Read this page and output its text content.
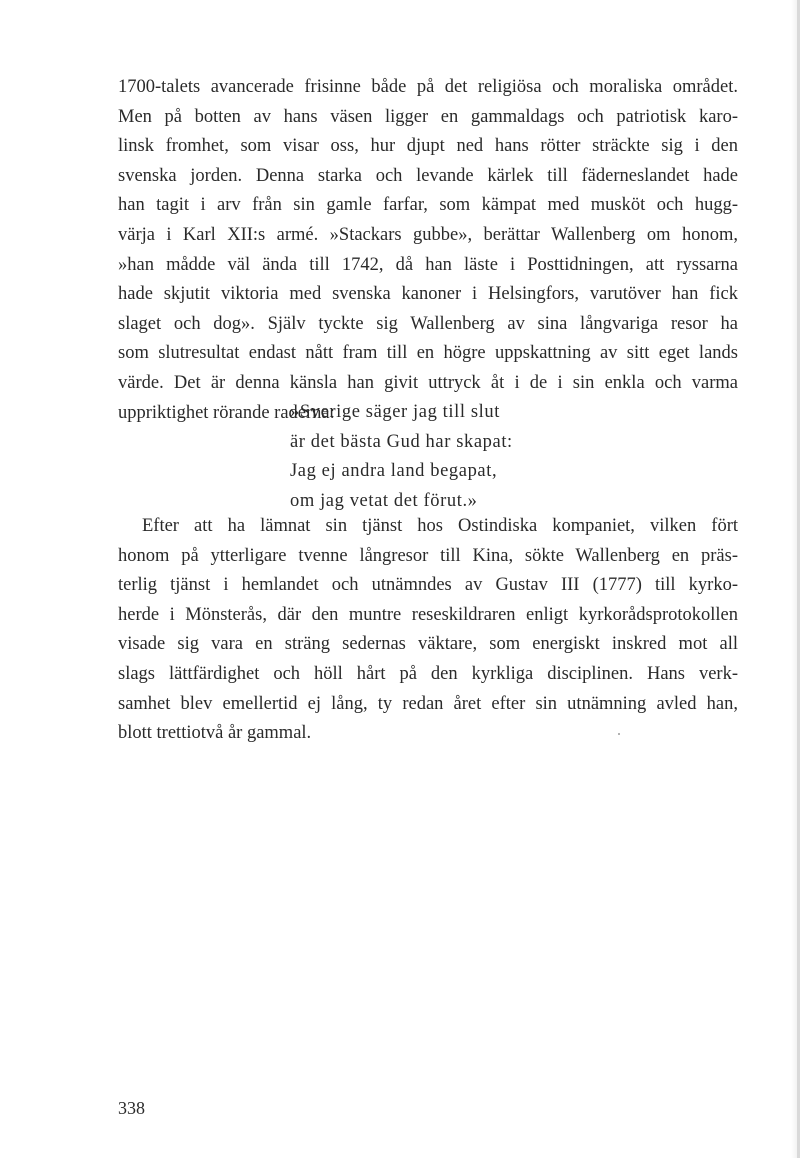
1700-talets avancerade frisinne både på det religiösa och moraliska området.
Men på botten av hans väsen ligger en gammaldags och patriotisk karo-
linsk fromhet, som visar oss, hur djupt ned hans rötter sträckte sig i den
svenska jorden. Denna starka och levande kärlek till fäderneslandet hade
han tagit i arv från sin gamle farfar, som kämpat med musköt och hugg-
värja i Karl XII:s armé. »Stackars gubbe», berättar Wallenberg om honom,
»han mådde väl ända till 1742, då han läste i Posttidningen, att ryssarna
hade skjutit viktoria med svenska kanoner i Helsingfors, varutöver han fick
slaget och dog». Själv tyckte sig Wallenberg av sina långvariga resor ha
som slutresultat endast nått fram till en högre uppskattning av sitt eget lands
värde. Det är denna känsla han givit uttryck åt i de i sin enkla och varma
uppriktighet rörande raderna:
»Sverige säger jag till slut
är det bästa Gud har skapat:
Jag ej andra land begapat,
om jag vetat det förut.»
Efter att ha lämnat sin tjänst hos Ostindiska kompaniet, vilken fört
honom på ytterligare tvenne långresor till Kina, sökte Wallenberg en präs-
terlig tjänst i hemlandet och utnämndes av Gustav III (1777) till kyrko-
herde i Mönsterås, där den muntre reseskildraren enligt kyrkorådsprotokollen
visade sig vara en sträng sedernas väktare, som energiskt inskred mot all
slags lättfärdighet och höll hårt på den kyrkliga disciplinen. Hans verk-
samhet blev emellertid ej lång, ty redan året efter sin utnämning avled han,
blott trettiotvå år gammal.
338
